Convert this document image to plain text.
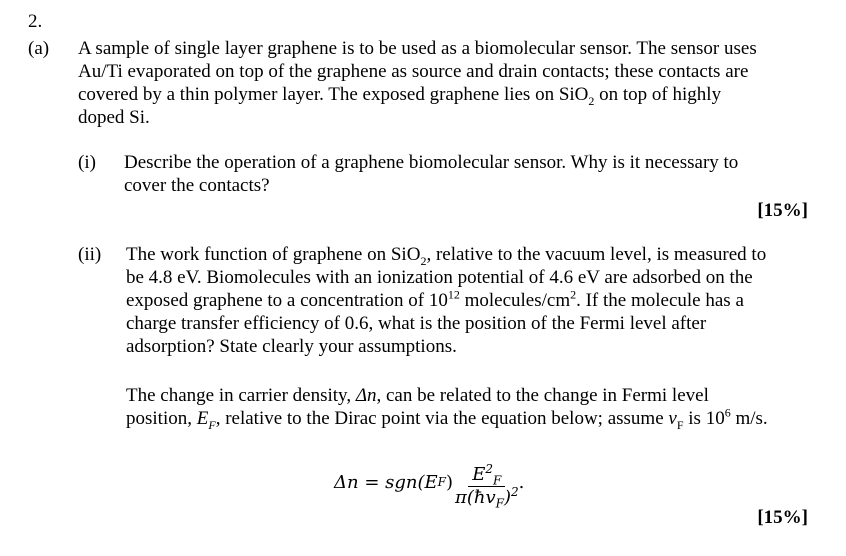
2.
(a) A sample of single layer graphene is to be used as a biomolecular sensor. The sensor uses
Au/Ti evaporated on top of the graphene as source and drain contacts; these contacts are
covered by a thin polymer layer. The exposed graphene lies on SiO$_2$ on top of highly
doped Si.
(i) Describe the operation of a graphene biomolecular sensor. Why is it necessary to
cover the contacts?
[15%]
(ii) The work function of graphene on SiO$_2$, relative to the vacuum level, is measured to
be 4.8 eV. Biomolecules with an ionization potential of 4.6 eV are adsorbed on the
exposed graphene to a concentration of $10^{12}$ molecules/$cm^2$. If the molecule has a
charge transfer efficiency of 0.6, what is the position of the Fermi level after
adsorption? State clearly your assumptions.
The change in carrier density, Δn, can be related to the change in Fermi level
position, $E_F$, relative to the Dirac point via the equation below; assume $v_F$ is $10^6$ m/s.
Δn = sgn(E F ) $\frac{E^2_F}{\pi(ħv_F)^2}$ .
[15%]
